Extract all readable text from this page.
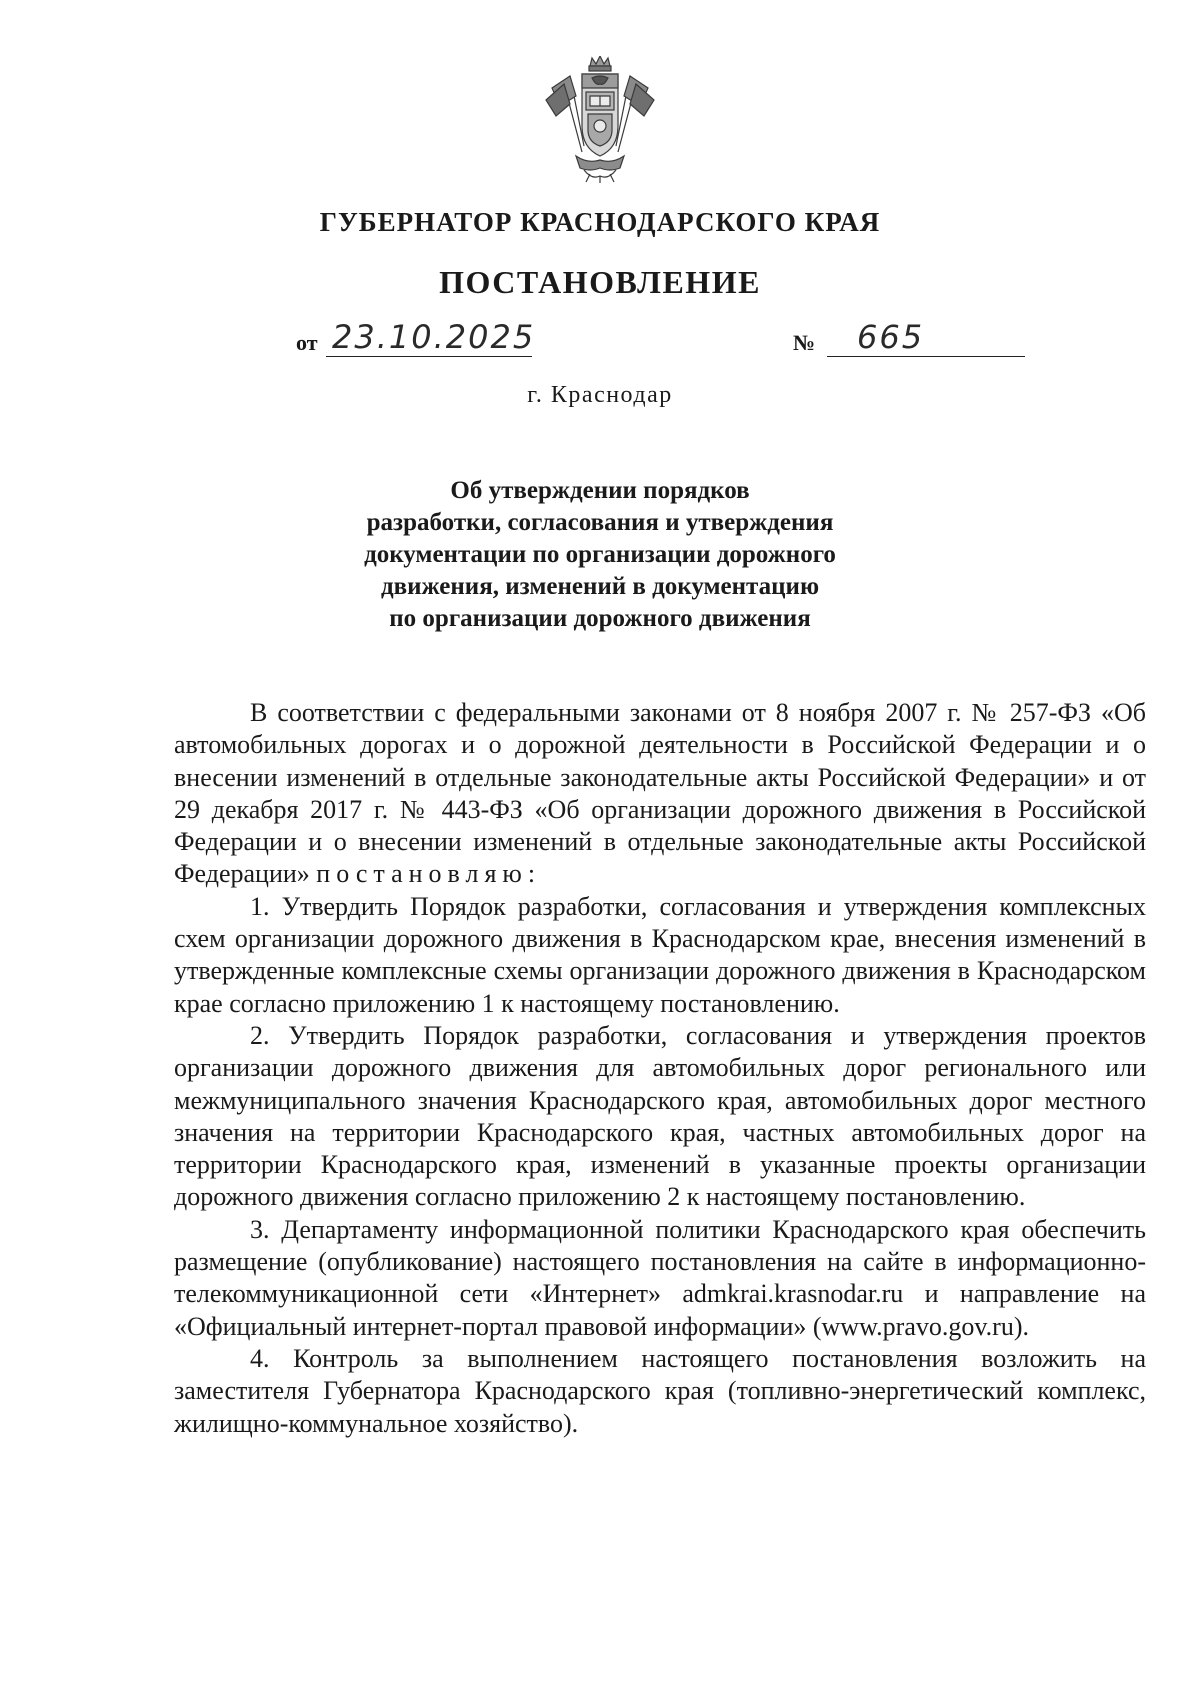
ГУБЕРНАТОР КРАСНОДАРСКОГО КРАЯ
ПОСТАНОВЛЕНИЕ
от 23.10.2025	№ 665
г. Краснодар
Об утверждении порядков
разработки, согласования и утверждения
документации по организации дорожного
движения, изменений в документацию
по организации дорожного движения

В соответствии с федеральными законами от 8 ноября 2007 г. № 257-ФЗ «Об автомобильных дорогах и о дорожной деятельности в Российской Федерации и о внесении изменений в отдельные законодательные акты Российской Федерации» и от 29 декабря 2017 г. № 443-ФЗ «Об организации дорожного движения в Российской Федерации и о внесении изменений в отдельные законодательные акты Российской Федерации» постановляю:

1. Утвердить Порядок разработки, согласования и утверждения комплексных схем организации дорожного движения в Краснодарском крае, внесения изменений в утвержденные комплексные схемы организации дорожного движения в Краснодарском крае согласно приложению 1 к настоящему постановлению.

2. Утвердить Порядок разработки, согласования и утверждения проектов организации дорожного движения для автомобильных дорог регионального или межмуниципального значения Краснодарского края, автомобильных дорог местного значения на территории Краснодарского края, частных автомобильных дорог на территории Краснодарского края, изменений в указанные проекты организации дорожного движения согласно приложению 2 к настоящему постановлению.

3. Департаменту информационной политики Краснодарского края обеспечить размещение (опубликование) настоящего постановления на сайте в информационно-телекоммуникационной сети «Интернет» admkrai.krasnodar.ru и направление на «Официальный интернет-портал правовой информации» (www.pravo.gov.ru).

4. Контроль за выполнением настоящего постановления возложить на заместителя Губернатора Краснодарского края (топливно-энергетический комплекс, жилищно-коммунальное хозяйство).
